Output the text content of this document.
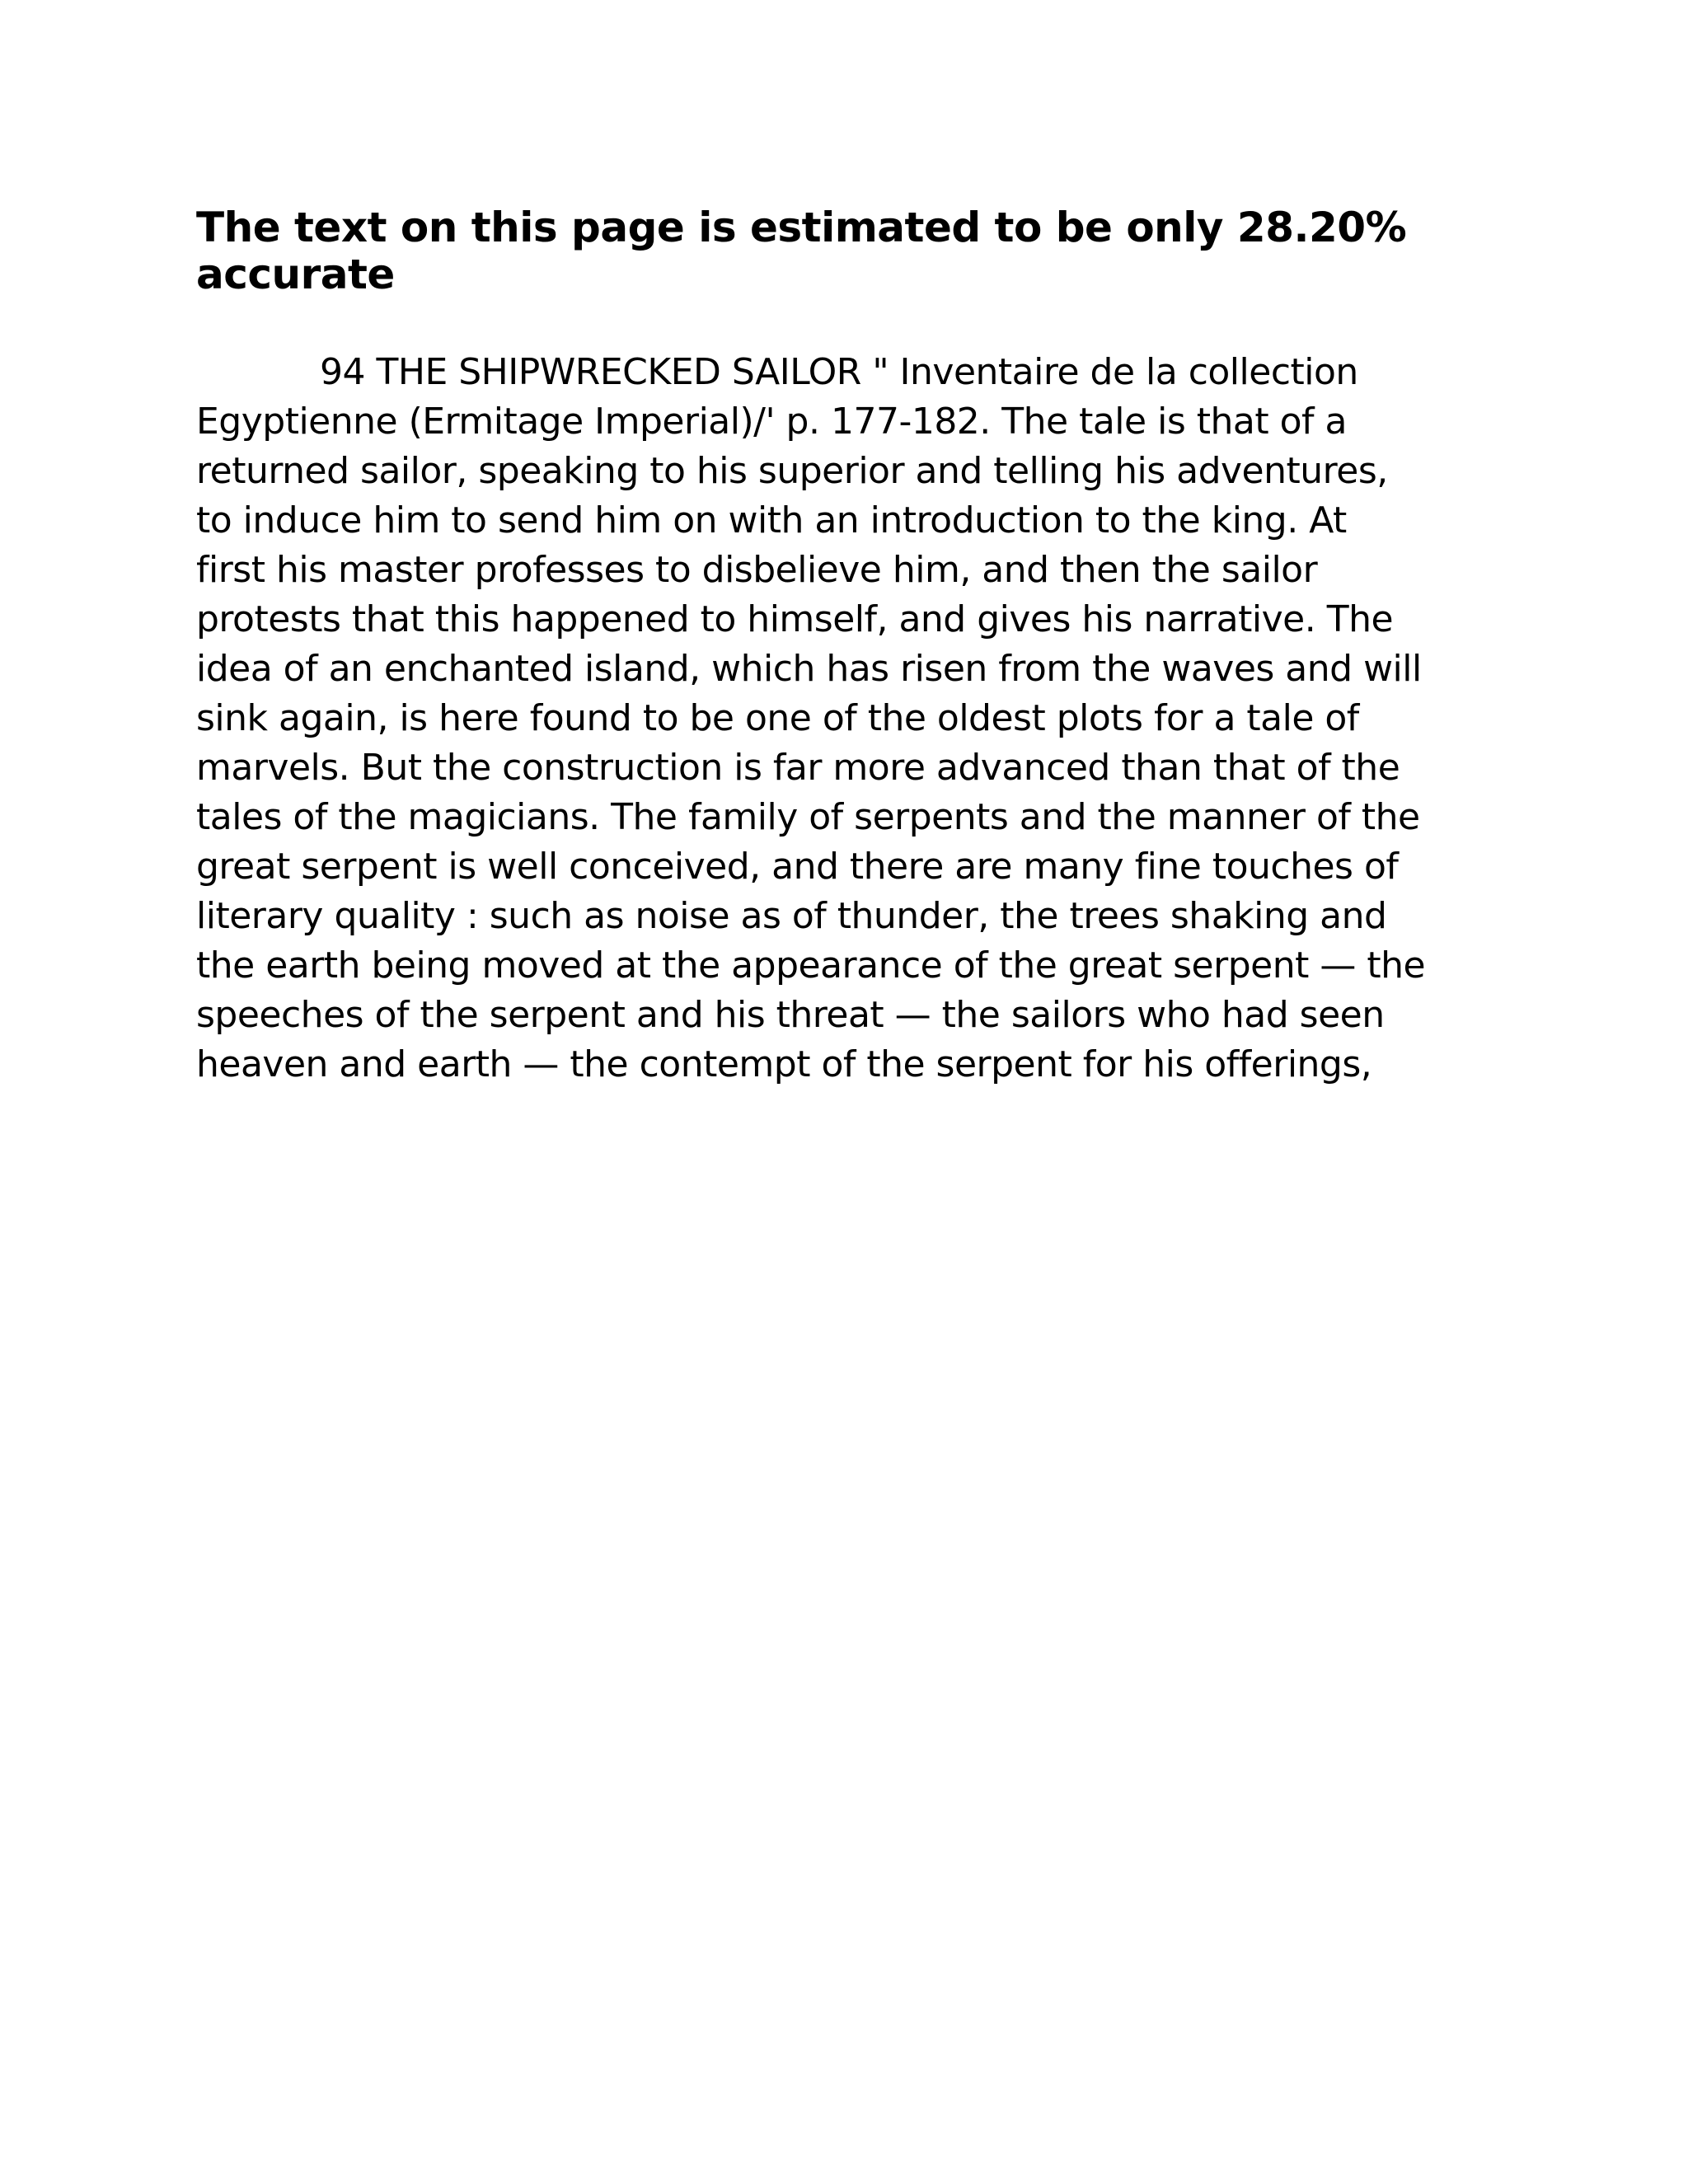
The text on this page is estimated to be only 28.20%
accurate
94 THE SHIPWRECKED SAILOR " Inventaire de la collection
Egyptienne (Ermitage Imperial)/' p. 177-182. The tale is that of a
returned sailor, speaking to his superior and telling his adventures,
to induce him to send him on with an introduction to the king. At
first his master professes to disbelieve him, and then the sailor
protests that this happened to himself, and gives his narrative. The
idea of an enchanted island, which has risen from the waves and will
sink again, is here found to be one of the oldest plots for a tale of
marvels. But the construction is far more advanced than that of the
tales of the magicians. The family of serpents and the manner of the
great serpent is well conceived, and there are many fine touches of
literary quality : such as noise as of thunder, the trees shaking and
the earth being moved at the appearance of the great serpent — the
speeches of the serpent and his threat — the sailors who had seen
heaven and earth — the contempt of the serpent for his offerings,
